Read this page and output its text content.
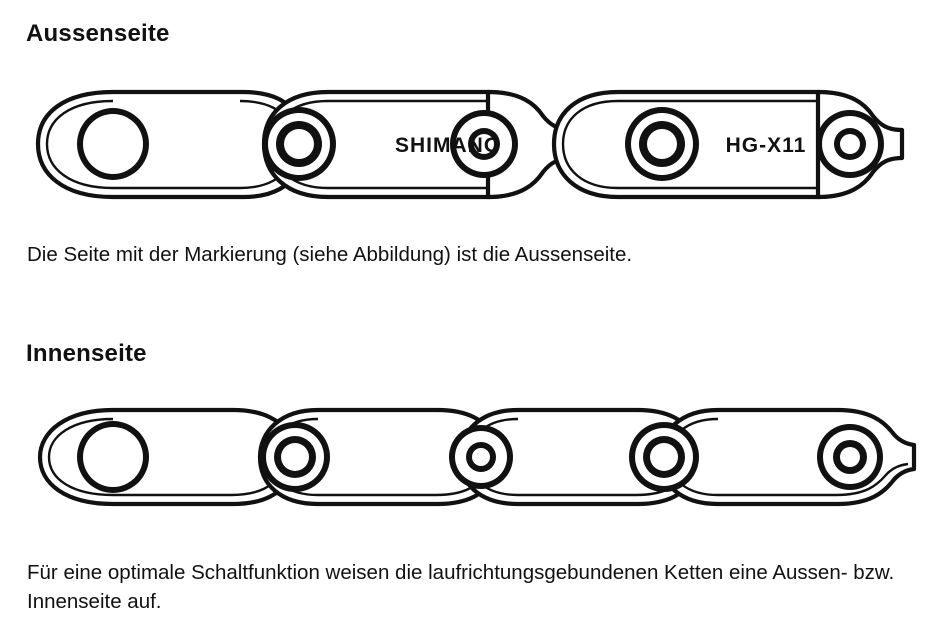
Aussenseite
SHIMANO	HG-X11
Die Seite mit der Markierung (siehe Abbildung) ist die Aussenseite.
Innenseite
Für eine optimale Schaltfunktion weisen die laufrichtungsgebundenen Ketten eine Aussen- bzw. Innenseite auf.
